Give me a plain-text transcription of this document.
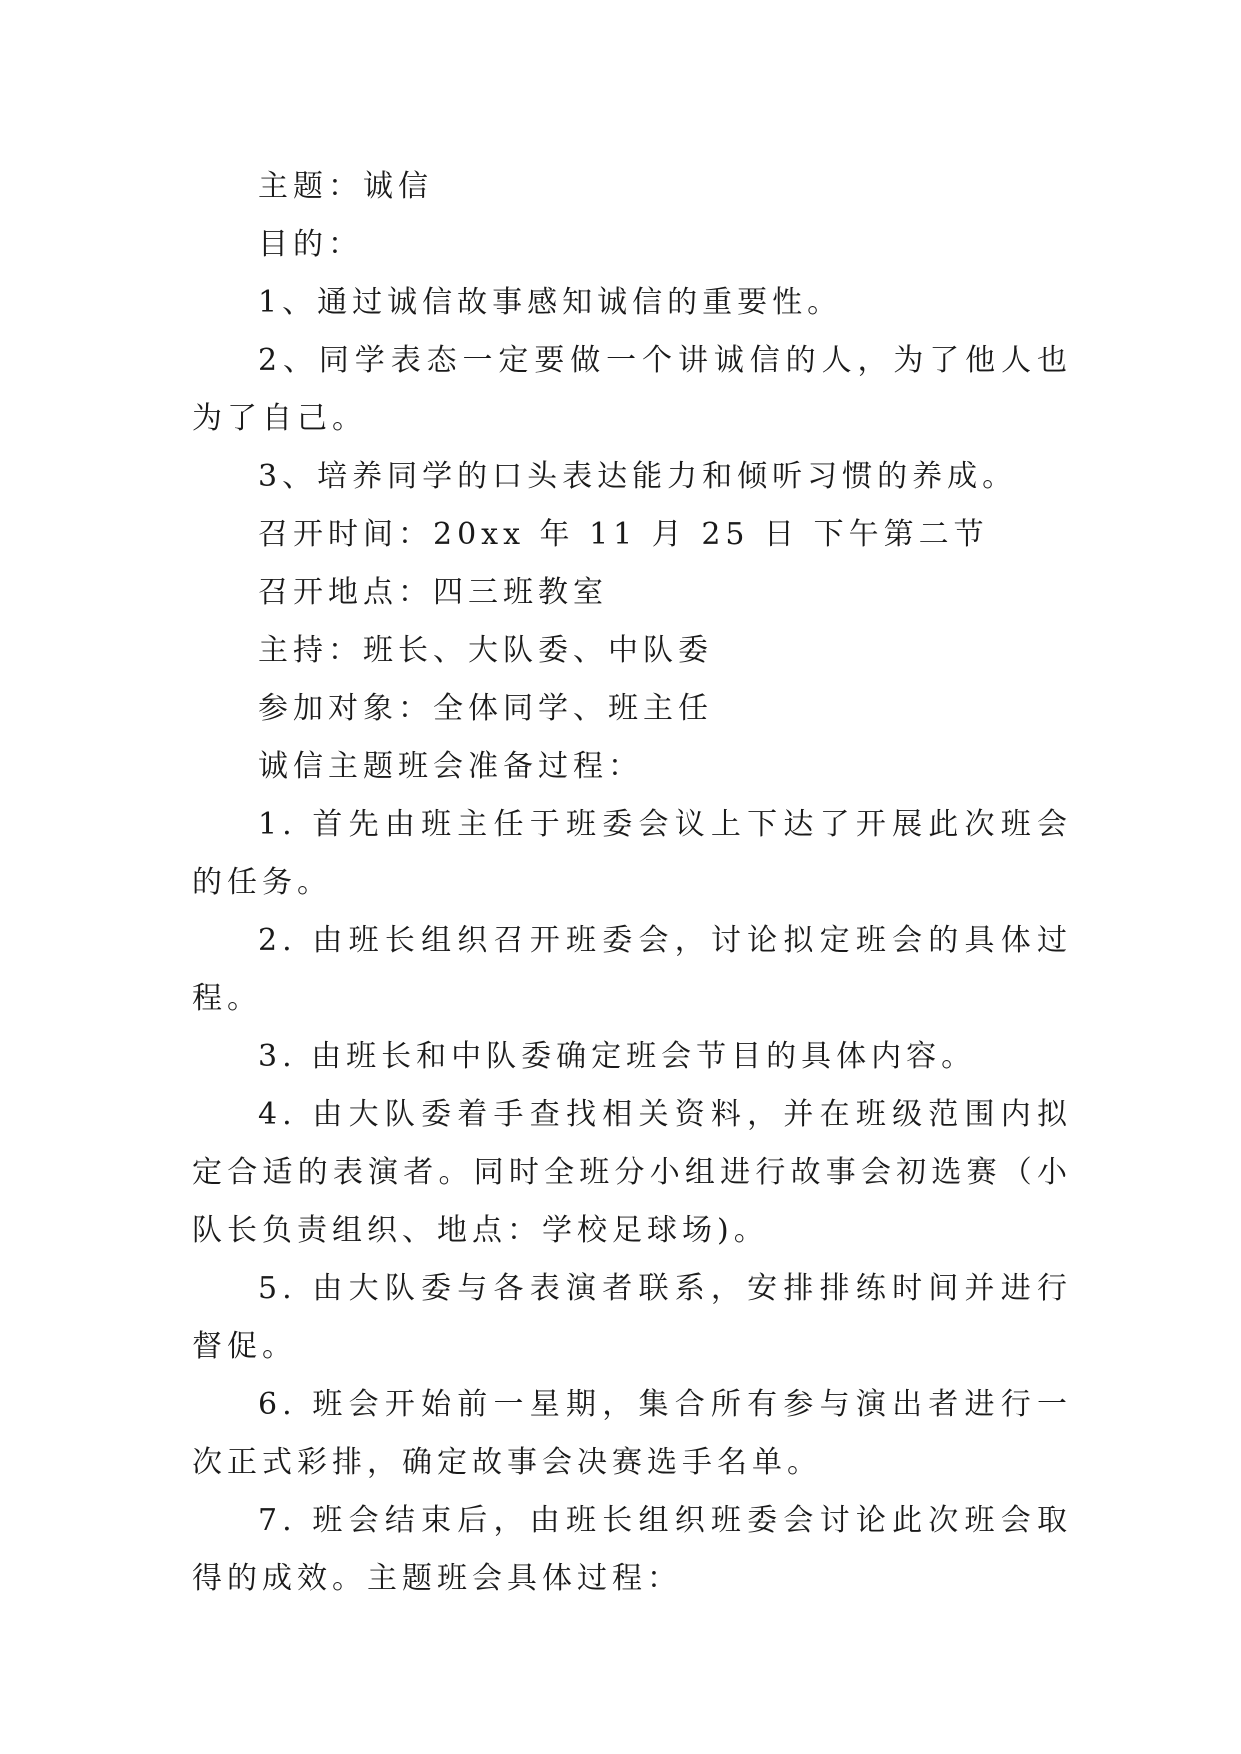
主题：诚信

目的：

1、通过诚信故事感知诚信的重要性。

2、同学表态一定要做一个讲诚信的人，为了他人也为了自己。

3、培养同学的口头表达能力和倾听习惯的养成。

召开时间：20xx 年 11 月 25 日 下午第二节

召开地点：四三班教室

主持：班长、大队委、中队委

参加对象：全体同学、班主任

诚信主题班会准备过程：

1. 首先由班主任于班委会议上下达了开展此次班会的任务。

2. 由班长组织召开班委会，讨论拟定班会的具体过程。

3. 由班长和中队委确定班会节目的具体内容。

4. 由大队委着手查找相关资料，并在班级范围内拟定合适的表演者。同时全班分小组进行故事会初选赛（小队长负责组织、地点：学校足球场)。

5. 由大队委与各表演者联系，安排排练时间并进行督促。

6. 班会开始前一星期，集合所有参与演出者进行一次正式彩排，确定故事会决赛选手名单。

7. 班会结束后，由班长组织班委会讨论此次班会取得的成效。主题班会具体过程：
